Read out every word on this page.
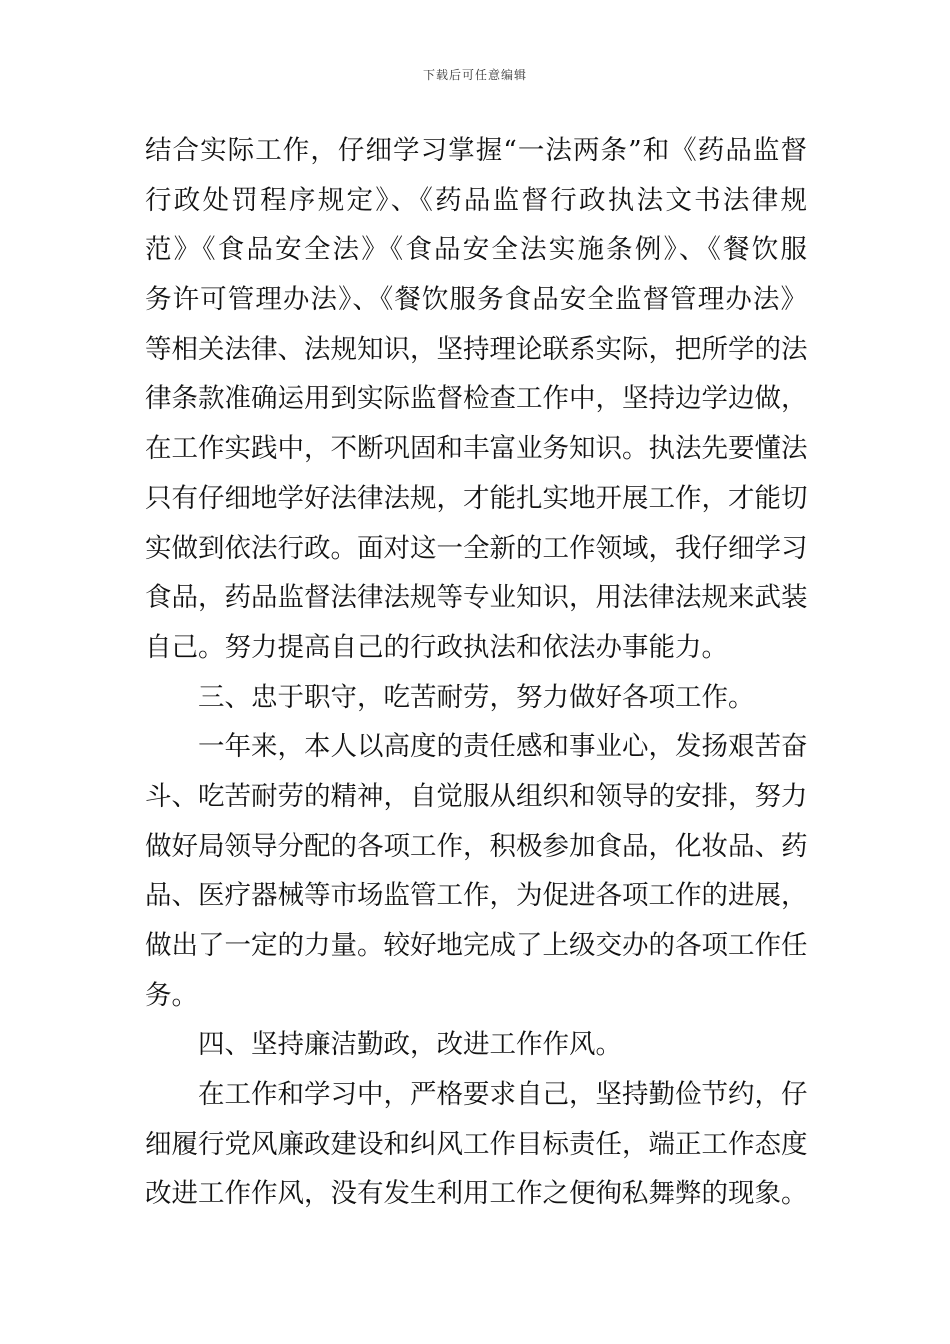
下载后可任意编辑
结合实际工作，仔细学习掌握“一法两条”和《药品监督
行政处罚程序规定》、《药品监督行政执法文书法律规
范》《食品安全法》《食品安全法实施条例》、《餐饮服
务许可管理办法》、《餐饮服务食品安全监督管理办法》
等相关法律、法规知识，坚持理论联系实际，把所学的法
律条款准确运用到实际监督检查工作中，坚持边学边做，
在工作实践中，不断巩固和丰富业务知识。执法先要懂法
只有仔细地学好法律法规，才能扎实地开展工作，才能切
实做到依法行政。面对这一全新的工作领域，我仔细学习
食品，药品监督法律法规等专业知识，用法律法规来武装
自己。努力提高自己的行政执法和依法办事能力。
三、忠于职守，吃苦耐劳，努力做好各项工作。
一年来，本人以高度的责任感和事业心，发扬艰苦奋
斗、吃苦耐劳的精神，自觉服从组织和领导的安排，努力
做好局领导分配的各项工作，积极参加食品，化妆品、药
品、医疗器械等市场监管工作，为促进各项工作的进展，
做出了一定的力量。较好地完成了上级交办的各项工作任
务。
四、坚持廉洁勤政，改进工作作风。
在工作和学习中，严格要求自己，坚持勤俭节约，仔
细履行党风廉政建设和纠风工作目标责任，端正工作态度
改进工作作风，没有发生利用工作之便徇私舞弊的现象。
